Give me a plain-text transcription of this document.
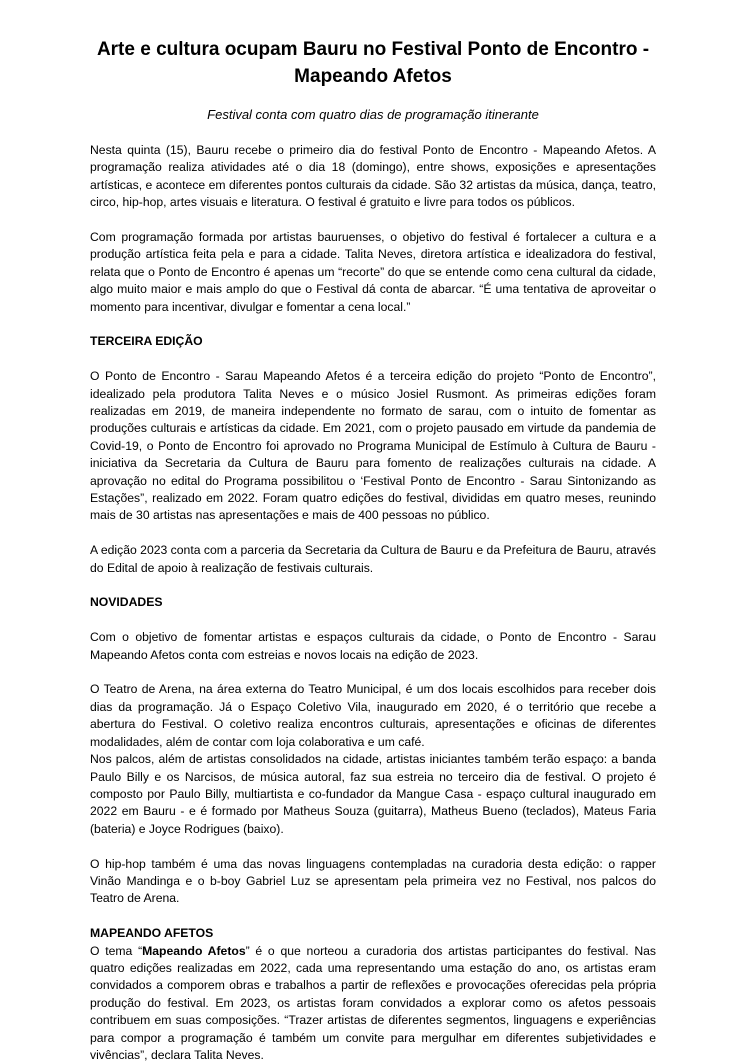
Arte e cultura ocupam Bauru no Festival Ponto de Encontro - Mapeando Afetos

Festival conta com quatro dias de programação itinerante

Nesta quinta (15), Bauru recebe o primeiro dia do festival Ponto de Encontro - Mapeando Afetos. A programação realiza atividades até o dia 18 (domingo), entre shows, exposições e apresentações artísticas, e acontece em diferentes pontos culturais da cidade. São 32 artistas da música, dança, teatro, circo, hip-hop, artes visuais e literatura. O festival é gratuito e livre para todos os públicos.

Com programação formada por artistas bauruenses, o objetivo do festival é fortalecer a cultura e a produção artística feita pela e para a cidade. Talita Neves, diretora artística e idealizadora do festival, relata que o Ponto de Encontro é apenas um “recorte” do que se entende como cena cultural da cidade, algo muito maior e mais amplo do que o Festival dá conta de abarcar. “É uma tentativa de aproveitar o momento para incentivar, divulgar e fomentar a cena local.”

TERCEIRA EDIÇÃO

O Ponto de Encontro - Sarau Mapeando Afetos é a terceira edição do projeto “Ponto de Encontro”, idealizado pela produtora Talita Neves e o músico Josiel Rusmont. As primeiras edições foram realizadas em 2019, de maneira independente no formato de sarau, com o intuito de fomentar as produções culturais e artísticas da cidade. Em 2021, com o projeto pausado em virtude da pandemia de Covid-19, o Ponto de Encontro foi aprovado no Programa Municipal de Estímulo à Cultura de Bauru - iniciativa da Secretaria da Cultura de Bauru para fomento de realizações culturais na cidade. A aprovação no edital do Programa possibilitou o ‘Festival Ponto de Encontro - Sarau Sintonizando as Estações”, realizado em 2022. Foram quatro edições do festival, divididas em quatro meses, reunindo mais de 30 artistas nas apresentações e mais de 400 pessoas no público.

A edição 2023 conta com a parceria da Secretaria da Cultura de Bauru e da Prefeitura de Bauru, através do Edital de apoio à realização de festivais culturais.

NOVIDADES

Com o objetivo de fomentar artistas e espaços culturais da cidade, o Ponto de Encontro - Sarau Mapeando Afetos conta com estreias e novos locais na edição de 2023.

O Teatro de Arena, na área externa do Teatro Municipal, é um dos locais escolhidos para receber dois dias da programação. Já o Espaço Coletivo Vila, inaugurado em 2020, é o território que recebe a abertura do Festival. O coletivo realiza encontros culturais, apresentações e oficinas de diferentes modalidades, além de contar com loja colaborativa e um café.

Nos palcos, além de artistas consolidados na cidade, artistas iniciantes também terão espaço: a banda Paulo Billy e os Narcisos, de música autoral, faz sua estreia no terceiro dia de festival. O projeto é composto por Paulo Billy, multiartista e co-fundador da Mangue Casa - espaço cultural inaugurado em 2022 em Bauru - e é formado por Matheus Souza (guitarra), Matheus Bueno (teclados), Mateus Faria (bateria) e Joyce Rodrigues (baixo).

O hip-hop também é uma das novas linguagens contempladas na curadoria desta edição: o rapper Vinão Mandinga e o b-boy Gabriel Luz se apresentam pela primeira vez no Festival, nos palcos do Teatro de Arena.

MAPEANDO AFETOS

O tema “Mapeando Afetos” é o que norteou a curadoria dos artistas participantes do festival. Nas quatro edições realizadas em 2022, cada uma representando uma estação do ano, os artistas eram convidados a comporem obras e trabalhos a partir de reflexões e provocações oferecidas pela própria produção do festival. Em 2023, os artistas foram convidados a explorar como os afetos pessoais contribuem em suas composições. “Trazer artistas de diferentes segmentos, linguagens e experiências para compor a programação é também um convite para mergulhar em diferentes subjetividades e vivências”, declara Talita Neves.
